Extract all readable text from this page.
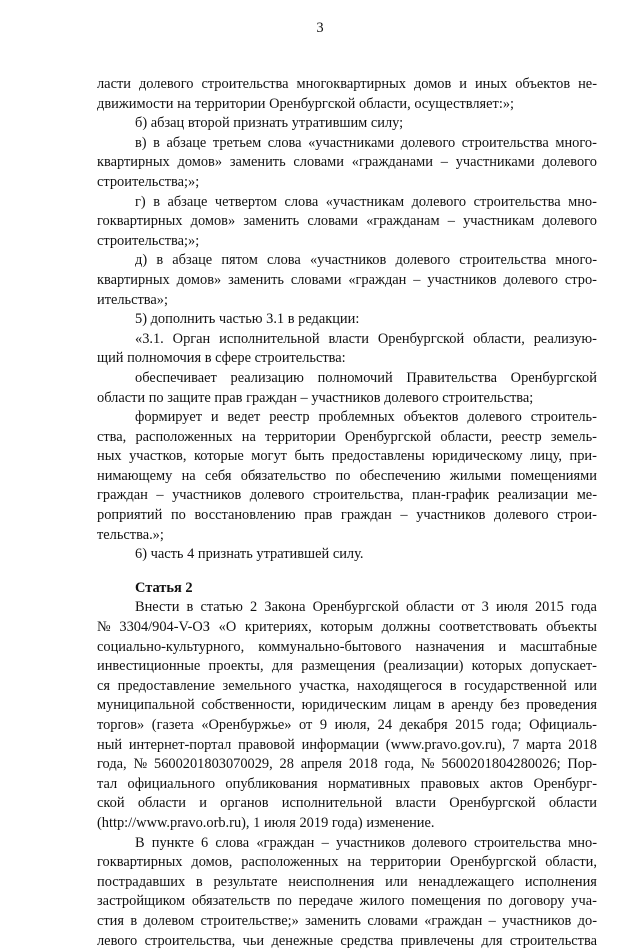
3
ласти долевого строительства многоквартирных домов и иных объектов не-
движимости
на
территории
Оренбургской
области,
осуществляет:»;
б)
абзац
второй
признать
утратившим
силу;
в) в абзаце третьем слова «участниками долевого строительства много-
квартирных домов» заменить словами «гражданами – участниками долевого
строительства;»;
г) в абзаце четвертом слова «участникам долевого строительства мно-
гоквартирных домов» заменить словами «гражданам – участникам долевого
строительства;»;
д) в абзаце пятом слова «участников долевого строительства много-
квартирных домов» заменить словами «граждан – участников долевого стро-
ительства»;
5)
дополнить
частью
3.1
в
редакции:
«3.1. Орган исполнительной власти Оренбургской области, реализую-
щий
полномочия
в
сфере
строительства:
обеспечивает реализацию полномочий Правительства Оренбургской
области
по
защите
прав
граждан
–
участников
долевого
строительства;
формирует и ведет реестр проблемных объектов долевого строитель-
ства, расположенных на территории Оренбургской области, реестр земель-
ных участков, которые могут быть предоставлены юридическому лицу, при-
нимающему на себя обязательство по обеспечению жилыми помещениями
граждан – участников долевого строительства, план-график реализации ме-
роприятий по восстановлению прав граждан – участников долевого строи-
тельства.»;
6)
часть
4
признать
утратившей
силу.
Статья
2
Внести в статью 2 Закона Оренбургской области от 3 июля 2015 года
№ 3304/904-V-ОЗ «О критериях, которым должны соответствовать объекты
социально-культурного, коммунально-бытового назначения и масштабные
инвестиционные проекты, для размещения (реализации) которых допускает-
ся предоставление земельного участка, находящегося в государственной или
муниципальной собственности, юридическим лицам в аренду без проведения
торгов» (газета «Оренбуржье» от 9 июля, 24 декабря 2015 года; Официаль-
ный интернет-портал правовой информации (www.pravo.gov.ru), 7 марта 2018
года, № 5600201803070029, 28 апреля 2018 года, № 5600201804280026; Пор-
тал официального опубликования нормативных правовых актов Оренбург-
ской области и органов исполнительной власти Оренбургской области
(http://www.pravo.orb.ru),
1
июля
2019
года)
изменение.
В пункте 6 слова «граждан – участников долевого строительства мно-
гоквартирных домов, расположенных на территории Оренбургской области,
пострадавших в результате неисполнения или ненадлежащего исполнения
застройщиком обязательств по передаче жилого помещения по договору уча-
стия в долевом строительстве;» заменить словами «граждан – участников до-
левого строительства, чьи денежные средства привлечены для строительства
